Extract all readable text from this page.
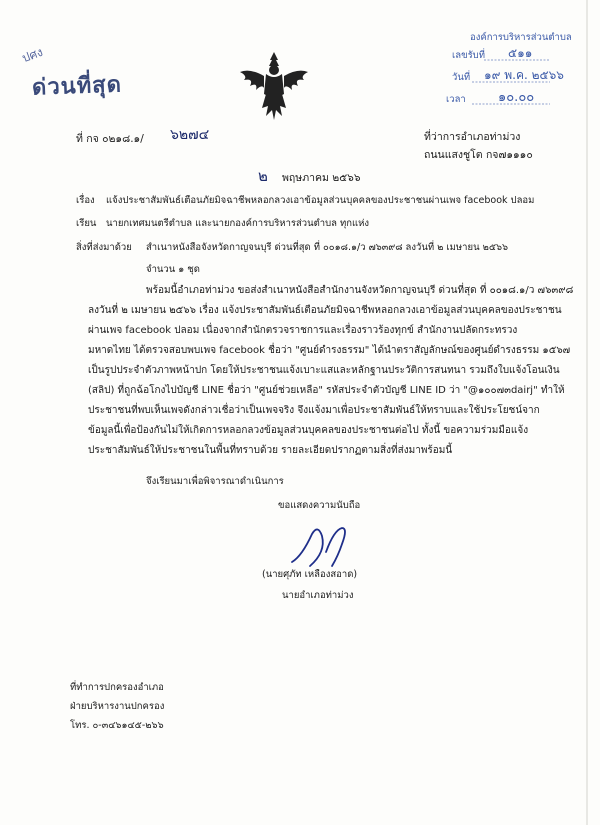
ปศง
องค์การบริหารส่วนตำบล
เลขรับที่ ๕๑๑
วันที่ ๑๙ พ.ค. ๒๕๖๖
เวลา ๑๐.๐๐
ด่วนที่สุด
ที่ กจ ๐๒๑๘.๑/ ๖๒๗๔	ที่ว่าการอำเภอท่าม่วง
ถนนแสงชูโต กจ๗๑๑๑๐
๒ พฤษภาคม ๒๕๖๖
เรื่อง แจ้งประชาสัมพันธ์เตือนภัยมิจฉาชีพหลอกลวงเอาข้อมูลส่วนบุคคลของประชาชนผ่านเพจ facebook ปลอม
เรียน นายกเทศมนตรีตำบล และนายกองค์การบริหารส่วนตำบล ทุกแห่ง
สิ่งที่ส่งมาด้วย สำเนาหนังสือจังหวัดกาญจนบุรี ด่วนที่สุด ที่ ๐๐๑๘.๑/ว ๗๖๓๙๘ ลงวันที่ ๒ เมษายน ๒๕๖๖
จำนวน ๑ ชุด
พร้อมนี้อำเภอท่าม่วง ขอส่งสำเนาหนังสือสำนักงานจังหวัดกาญจนบุรี ด่วนที่สุด ที่ ๐๐๑๘.๑/ว ๗๖๓๙๘
ลงวันที่ ๒ เมษายน ๒๕๖๖ เรื่อง แจ้งประชาสัมพันธ์เตือนภัยมิจฉาชีพหลอกลวงเอาข้อมูลส่วนบุคคลของประชาชน
ผ่านเพจ facebook ปลอม เนื่องจากสำนักตรวจราชการและเรื่องราวร้องทุกข์ สำนักงานปลัดกระทรวง
มหาดไทย ได้ตรวจสอบพบเพจ facebook ชื่อว่า "ศูนย์ดำรงธรรม" ได้นำตราสัญลักษณ์ของศูนย์ดำรงธรรม ๑๕๖๗
เป็นรูปประจำตัวภาพหน้าปก โดยให้ประชาชนแจ้งเบาะแสและหลักฐานประวัติการสนทนา รวมถึงใบแจ้งโอนเงิน
(สลิป) ที่ถูกฉ้อโกงไปบัญชี LINE ชื่อว่า "ศูนย์ช่วยเหลือ" รหัสประจำตัวบัญชี LINE ID ว่า "@๑๐๐๗๓dairj" ทำให้
ประชาชนที่พบเห็นเพจดังกล่าวเชื่อว่าเป็นเพจจริง จึงแจ้งมาเพื่อประชาสัมพันธ์ให้ทราบและใช้ประโยชน์จาก
ข้อมูลนี้เพื่อป้องกันไม่ให้เกิดการหลอกลวงข้อมูลส่วนบุคคลของประชาชนต่อไป ทั้งนี้ ขอความร่วมมือแจ้ง
ประชาสัมพันธ์ให้ประชาชนในพื้นที่ทราบด้วย รายละเอียดปรากฏตามสิ่งที่ส่งมาพร้อมนี้
จึงเรียนมาเพื่อพิจารณาดำเนินการ
ขอแสดงความนับถือ
(นายศุภัท เหลืองสอาด)
นายอำเภอท่าม่วง
ที่ทำการปกครองอำเภอ
ฝ่ายบริหารงานปกครอง
โทร. ๐-๓๔๖๑๔๕-๒๖๖
